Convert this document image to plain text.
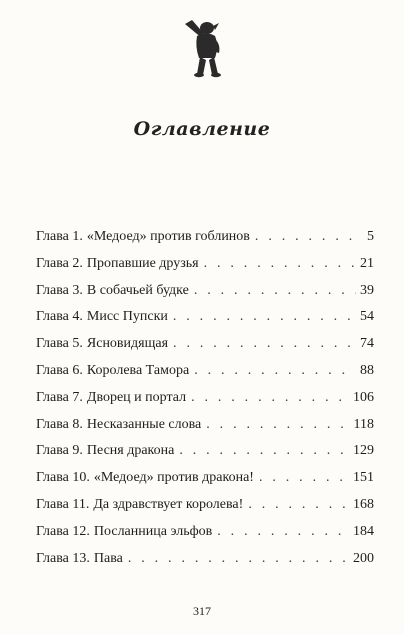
Оглавление
Глава 1. «Медоед» против гоблинов . . .	5
Глава 2. Пропавшие друзья . . .	21
Глава 3. В собачьей будке . . .	39
Глава 4. Мисс Пупски . . .	54
Глава 5. Ясновидящая . . .	74
Глава 6. Королева Тамора . . .	88
Глава 7. Дворец и портал . . .	106
Глава 8. Несказанные слова . . .	118
Глава 9. Песня дракона . . .	129
Глава 10. «Медоед» против дракона! . . .	151
Глава 11. Да здравствует королева! . . .	168
Глава 12. Посланница эльфов . . .	184
Глава 13. Пава . . .	200
317
